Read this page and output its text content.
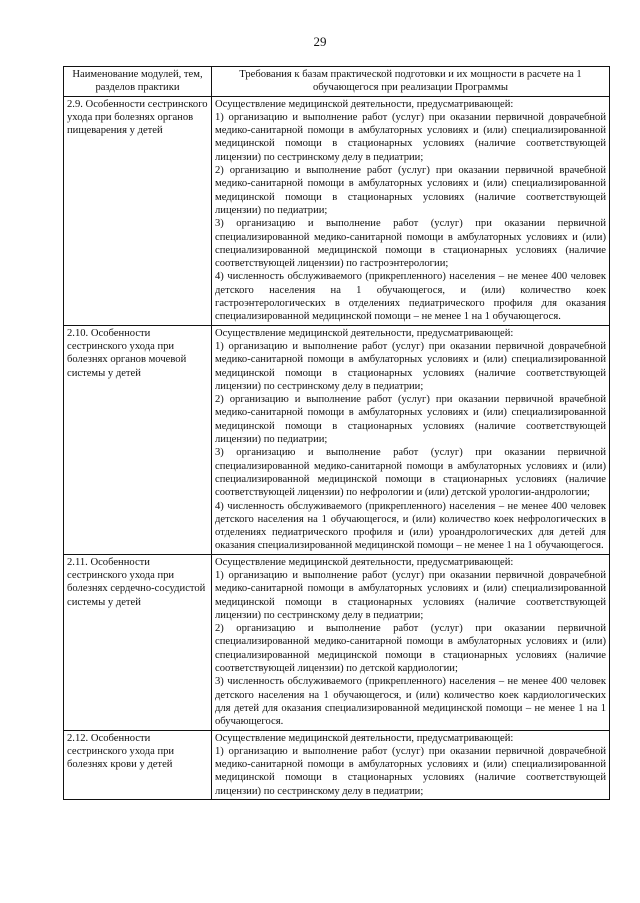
29
Наименование модулей, тем, разделов практики	Требования к базам практической подготовки и их мощности в расчете на 1 обучающегося при реализации Программы
2.9. Особенности сестринского ухода при болезнях органов пищеварения у детей	Осуществление медицинской деятельности, предусматривающей:
1) организацию и выполнение работ (услуг) при оказании первичной доврачебной медико-санитарной помощи в амбулаторных условиях и (или) специализированной медицинской помощи в стационарных условиях (наличие соответствующей лицензии) по сестринскому делу в педиатрии;
2) организацию и выполнение работ (услуг) при оказании первичной врачебной медико-санитарной помощи в амбулаторных условиях и (или) специализированной медицинской помощи в стационарных условиях (наличие соответствующей лицензии) по педиатрии;
3) организацию и выполнение работ (услуг) при оказании первичной специализированной медико-санитарной помощи в амбулаторных условиях и (или) специализированной медицинской помощи в стационарных условиях (наличие соответствующей лицензии) по гастроэнтерологии;
4) численность обслуживаемого (прикрепленного) населения – не менее 400 человек детского населения на 1 обучающегося, и (или) количество коек гастроэнтерологических в отделениях педиатрического профиля для оказания специализированной медицинской помощи – не менее 1 на 1 обучающегося.

2.10. Особенности сестринского ухода при болезнях органов мочевой системы у детей	Осуществление медицинской деятельности, предусматривающей:
1) организацию и выполнение работ (услуг) при оказании первичной доврачебной медико-санитарной помощи в амбулаторных условиях и (или) специализированной медицинской помощи в стационарных условиях (наличие соответствующей лицензии) по сестринскому делу в педиатрии;
2) организацию и выполнение работ (услуг) при оказании первичной врачебной медико-санитарной помощи в амбулаторных условиях и (или) специализированной медицинской помощи в стационарных условиях (наличие соответствующей лицензии) по педиатрии;
3) организацию и выполнение работ (услуг) при оказании первичной специализированной медико-санитарной помощи в амбулаторных условиях и (или) специализированной медицинской помощи в стационарных условиях (наличие соответствующей лицензии) по нефрологии и (или) детской урологии-андрологии;
4) численность обслуживаемого (прикрепленного) населения – не менее 400 человек детского населения на 1 обучающегося, и (или) количество коек нефрологических в отделениях педиатрического профиля и (или) уроандрологических для детей для оказания специализированной медицинской помощи – не менее 1 на 1 обучающегося.

2.11. Особенности сестринского ухода при болезнях сердечно-сосудистой системы у детей	Осуществление медицинской деятельности, предусматривающей:
1) организацию и выполнение работ (услуг) при оказании первичной доврачебной медико-санитарной помощи в амбулаторных условиях и (или) специализированной медицинской помощи в стационарных условиях (наличие соответствующей лицензии) по сестринскому делу в педиатрии;
2) организацию и выполнение работ (услуг) при оказании первичной специализированной медико-санитарной помощи в амбулаторных условиях и (или) специализированной медицинской помощи в стационарных условиях (наличие соответствующей лицензии) по детской кардиологии;
3) численность обслуживаемого (прикрепленного) населения – не менее 400 человек детского населения на 1 обучающегося, и (или) количество коек кардиологических для детей для оказания специализированной медицинской помощи – не менее 1 на 1 обучающегося.

2.12. Особенности сестринского ухода при болезнях крови у детей	Осуществление медицинской деятельности, предусматривающей:
1) организацию и выполнение работ (услуг) при оказании первичной доврачебной медико-санитарной помощи в амбулаторных условиях и (или) специализированной медицинской помощи в стационарных условиях (наличие соответствующей лицензии) по сестринскому делу в педиатрии;
